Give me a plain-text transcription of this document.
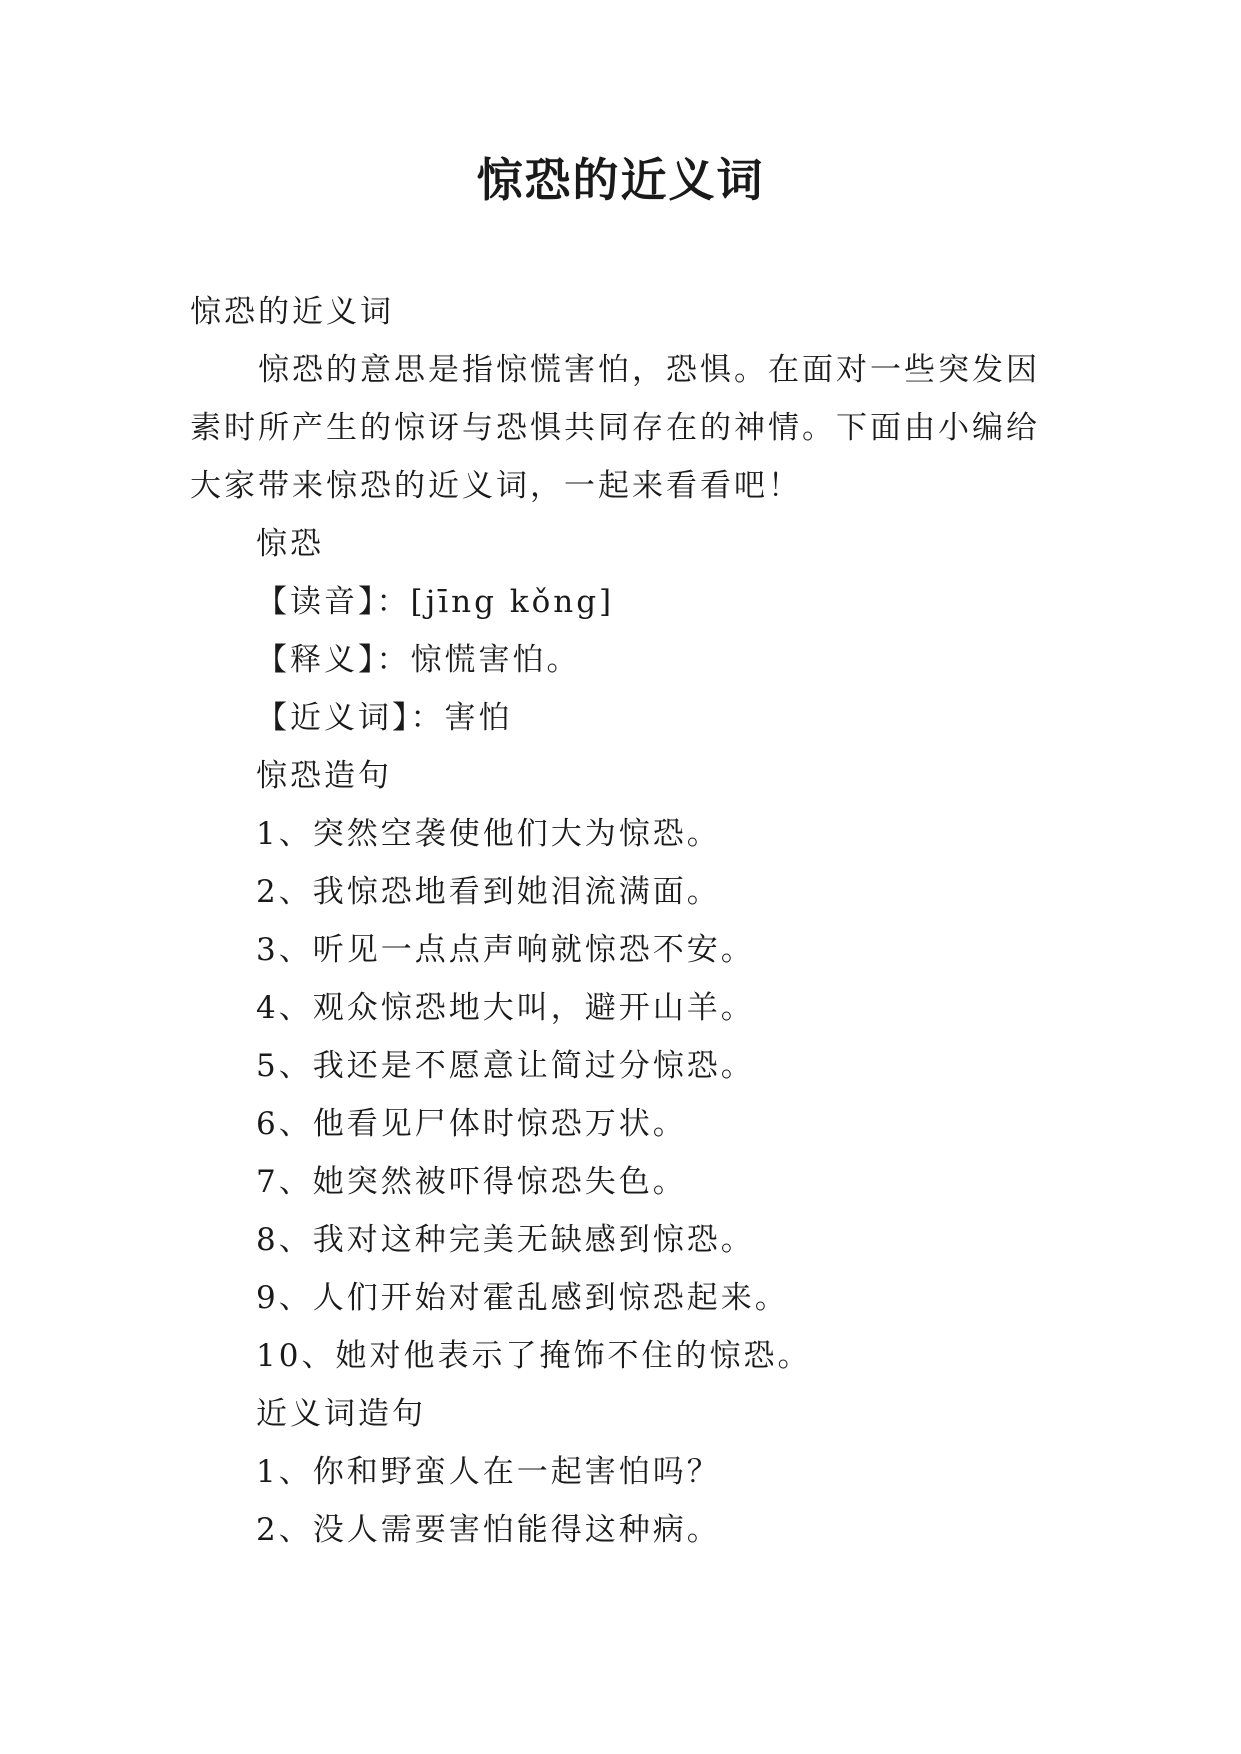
惊恐的近义词

惊恐的近义词

惊恐的意思是指惊慌害怕，恐惧。在面对一些突发因素时所产生的惊讶与恐惧共同存在的神情。下面由小编给大家带来惊恐的近义词，一起来看看吧！

惊恐

【读音】：[jīng kǒng]

【释义】：惊慌害怕。

【近义词】：害怕

惊恐造句

1、突然空袭使他们大为惊恐。

2、我惊恐地看到她泪流满面。

3、听见一点点声响就惊恐不安。

4、观众惊恐地大叫，避开山羊。

5、我还是不愿意让简过分惊恐。

6、他看见尸体时惊恐万状。

7、她突然被吓得惊恐失色。

8、我对这种完美无缺感到惊恐。

9、人们开始对霍乱感到惊恐起来。

10、她对他表示了掩饰不住的惊恐。

近义词造句

1、你和野蛮人在一起害怕吗？

2、没人需要害怕能得这种病。
